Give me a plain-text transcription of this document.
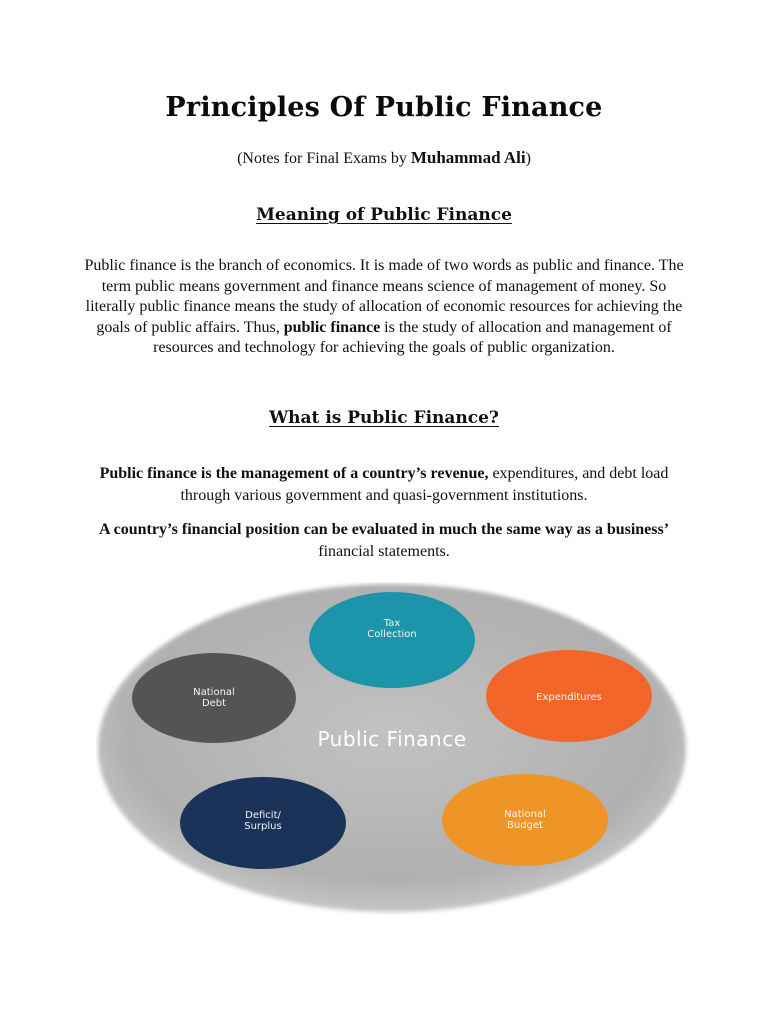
Principles Of Public Finance

(Notes for Final Exams by Muhammad Ali)

Meaning of Public Finance

Public finance is the branch of economics. It is made of two words as public and finance. The term public means government and finance means science of management of money. So literally public finance means the study of allocation of economic resources for achieving the goals of public affairs. Thus, public finance is the study of allocation and management of resources and technology for achieving the goals of public organization.

What is Public Finance?

Public finance is the management of a country’s revenue, expenditures, and debt load through various government and quasi-government institutions.

A country’s financial position can be evaluated in much the same way as a business’ financial statements.

Public Finance
Tax
Collection
National
Debt
Expenditures
Deficit/
Surplus
National
Budget
